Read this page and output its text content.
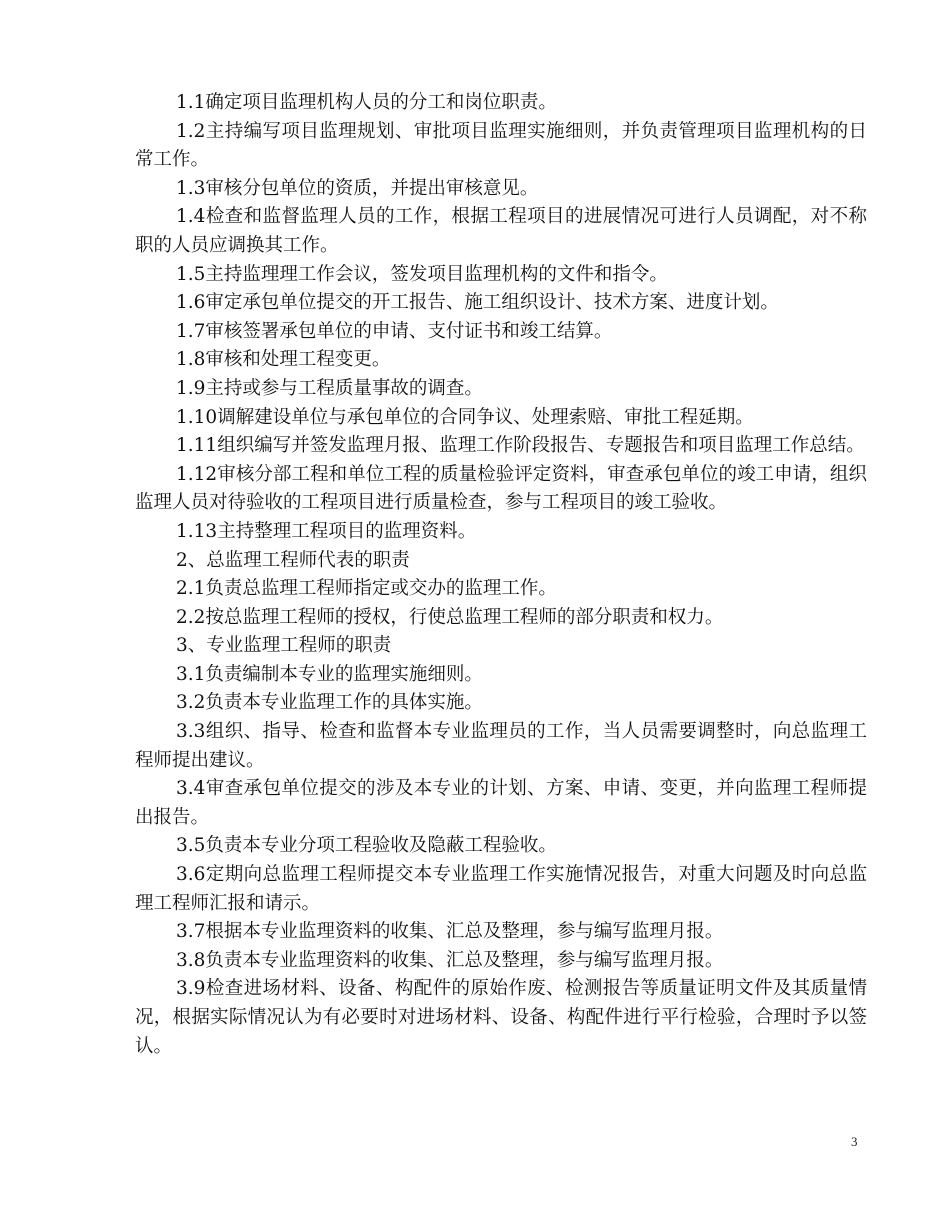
1.1确定项目监理机构人员的分工和岗位职责。

1.2主持编写项目监理规划、审批项目监理实施细则，并负责管理项目监理机构的日常工作。

1.3审核分包单位的资质，并提出审核意见。

1.4检查和监督监理人员的工作，根据工程项目的进展情况可进行人员调配，对不称职的人员应调换其工作。

1.5主持监理理工作会议，签发项目监理机构的文件和指令。

1.6审定承包单位提交的开工报告、施工组织设计、技术方案、进度计划。

1.7审核签署承包单位的申请、支付证书和竣工结算。

1.8审核和处理工程变更。

1.9主持或参与工程质量事故的调查。

1.10调解建设单位与承包单位的合同争议、处理索赔、审批工程延期。

1.11组织编写并签发监理月报、监理工作阶段报告、专题报告和项目监理工作总结。

1.12审核分部工程和单位工程的质量检验评定资料，审查承包单位的竣工申请，组织监理人员对待验收的工程项目进行质量检查，参与工程项目的竣工验收。

1.13主持整理工程项目的监理资料。

2、总监理工程师代表的职责

2.1负责总监理工程师指定或交办的监理工作。

2.2按总监理工程师的授权，行使总监理工程师的部分职责和权力。

3、专业监理工程师的职责

3.1负责编制本专业的监理实施细则。

3.2负责本专业监理工作的具体实施。

3.3组织、指导、检查和监督本专业监理员的工作，当人员需要调整时，向总监理工程师提出建议。

3.4审查承包单位提交的涉及本专业的计划、方案、申请、变更，并向监理工程师提出报告。

3.5负责本专业分项工程验收及隐蔽工程验收。

3.6定期向总监理工程师提交本专业监理工作实施情况报告，对重大问题及时向总监理工程师汇报和请示。

3.7根据本专业监理资料的收集、汇总及整理，参与编写监理月报。

3.8负责本专业监理资料的收集、汇总及整理，参与编写监理月报。

3.9检查进场材料、设备、构配件的原始作废、检测报告等质量证明文件及其质量情况，根据实际情况认为有必要时对进场材料、设备、构配件进行平行检验，合理时予以签认。

3
